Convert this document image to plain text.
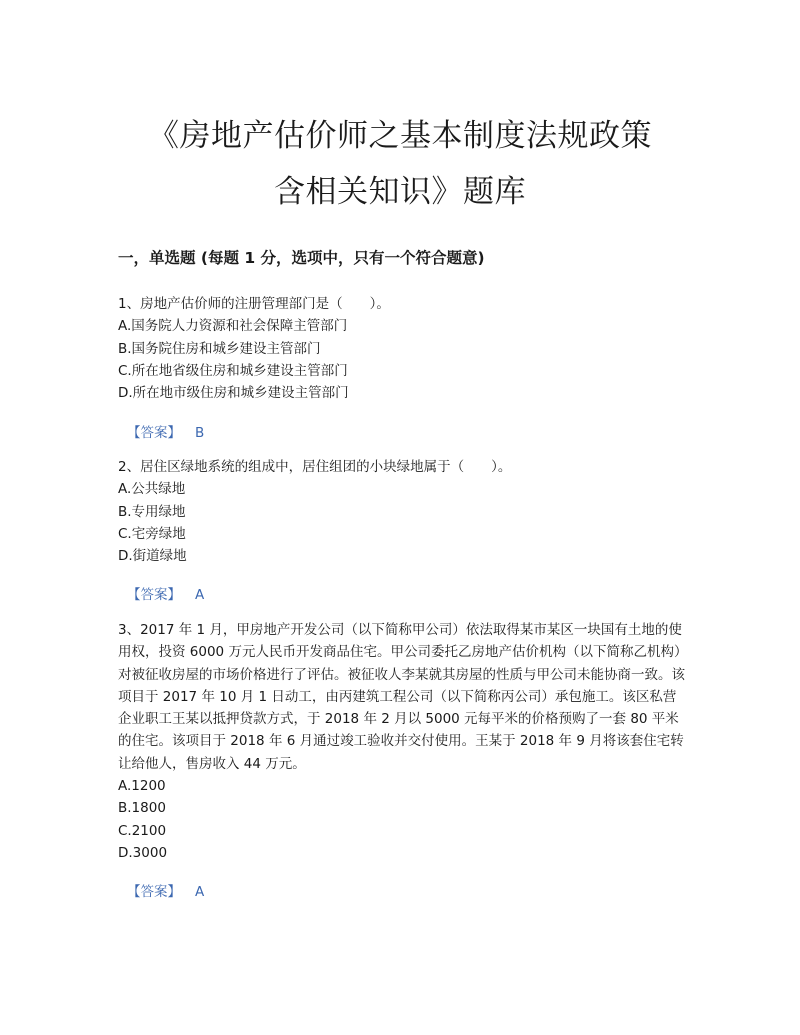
《房地产估价师之基本制度法规政策
含相关知识》题库
一，单选题 (每题 1 分，选项中，只有一个符合题意)

1、房地产估价师的注册管理部门是（　　）。

A.国务院人力资源和社会保障主管部门

B.国务院住房和城乡建设主管部门

C.所在地省级住房和城乡建设主管部门

D.所在地市级住房和城乡建设主管部门

【答案】 B

2、居住区绿地系统的组成中，居住组团的小块绿地属于（　　）。

A.公共绿地

B.专用绿地

C.宅旁绿地

D.街道绿地

【答案】 A

3、2017 年 1 月，甲房地产开发公司（以下简称甲公司）依法取得某市某区一块国有土地的使用权，投资 6000 万元人民币开发商品住宅。甲公司委托乙房地产估价机构（以下简称乙机构）对被征收房屋的市场价格进行了评估。被征收人李某就其房屋的性质与甲公司未能协商一致。该项目于 2017 年 10 月 1 日动工，由丙建筑工程公司（以下简称丙公司）承包施工。该区私营企业职工王某以抵押贷款方式，于 2018 年 2 月以 5000 元每平米的价格预购了一套 80 平米的住宅。该项目于 2018 年 6 月通过竣工验收并交付使用。王某于 2018 年 9 月将该套住宅转让给他人，售房收入 44 万元。

A.1200

B.1800

C.2100

D.3000

【答案】 A
